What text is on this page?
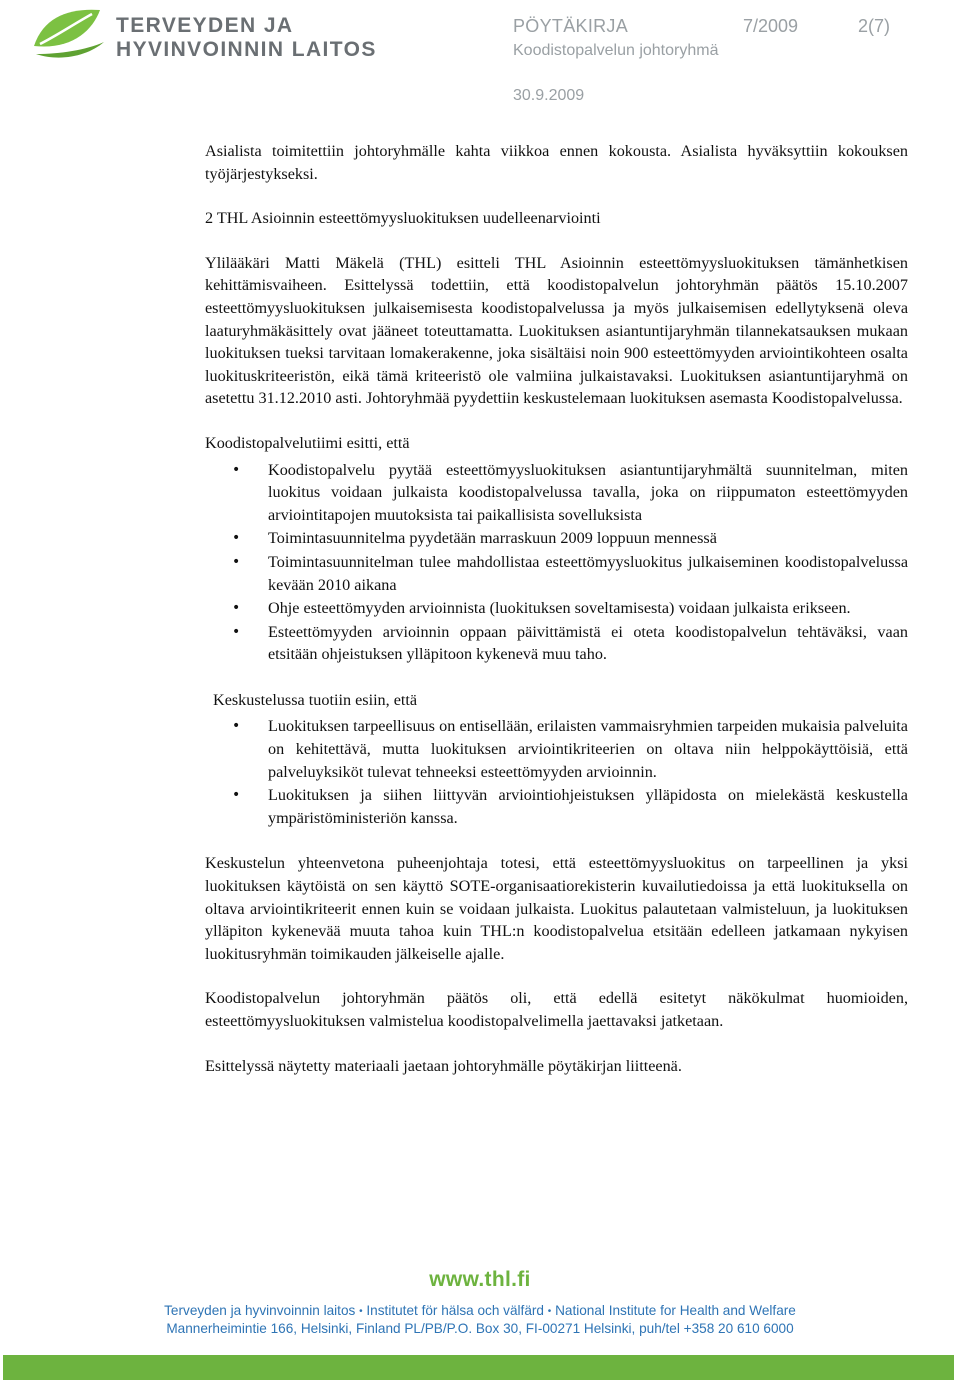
TERVEYDEN JA
HYVINVOINNIN LAITOS
PÖYTÄKIRJA	7/2009	2(7)
Koodistopalvelun johtoryhmä
30.9.2009

Asialista toimitettiin johtoryhmälle kahta viikkoa ennen kokousta. Asialista hyväksyttiin kokouksen työjärjestykseksi.

2 THL Asioinnin esteettömyysluokituksen uudelleenarviointi

Ylilääkäri Matti Mäkelä (THL) esitteli THL Asioinnin esteettömyysluokituksen tämänhetkisen kehittämisvaiheen. Esittelyssä todettiin, että koodistopalvelun johtoryhmän päätös 15.10.2007 esteettömyysluokituksen julkaisemisesta koodistopalvelussa ja myös julkaisemisen edellytyksenä oleva laaturyhmäkäsittely ovat jääneet toteuttamatta. Luokituksen asiantuntijaryhmän tilannekatsauksen mukaan luokituksen tueksi tarvitaan lomakerakenne, joka sisältäisi noin 900 esteettömyyden arviointikohteen osalta luokituskriteeristön, eikä tämä kriteeristö ole valmiina julkaistavaksi. Luokituksen asiantuntijaryhmä on asetettu 31.12.2010 asti. Johtoryhmää pyydettiin keskustelemaan luokituksen asemasta Koodistopalvelussa.

Koodistopalvelutiimi esitti, että

• Koodistopalvelu pyytää esteettömyysluokituksen asiantuntijaryhmältä suunnitelman, miten luokitus voidaan julkaista koodistopalvelussa tavalla, joka on riippumaton esteettömyyden arviointitapojen muutoksista tai paikallisista sovelluksista
• Toimintasuunnitelma pyydetään marraskuun 2009 loppuun mennessä
• Toimintasuunnitelman tulee mahdollistaa esteettömyysluokitus julkaiseminen koodistopalvelussa kevään 2010 aikana
• Ohje esteettömyyden arvioinnista (luokituksen soveltamisesta) voidaan julkaista erikseen.
• Esteettömyyden arvioinnin oppaan päivittämistä ei oteta koodistopalvelun tehtäväksi, vaan etsitään ohjeistuksen ylläpitoon kykenevä muu taho.

Keskustelussa tuotiin esiin, että

• Luokituksen tarpeellisuus on entisellään, erilaisten vammaisryhmien tarpeiden mukaisia palveluita on kehitettävä, mutta luokituksen arviointikriteerien on oltava niin helppokäyttöisiä, että palveluyksiköt tulevat tehneeksi esteettömyyden arvioinnin.
• Luokituksen ja siihen liittyvän arviointiohjeistuksen ylläpidosta on mielekästä keskustella ympäristöministeriön kanssa.

Keskustelun yhteenvetona puheenjohtaja totesi, että esteettömyysluokitus on tarpeellinen ja yksi luokituksen käytöistä on sen käyttö SOTE-organisaatiorekisterin kuvailutiedoissa ja että luokituksella on oltava arviointikriteerit ennen kuin se voidaan julkaista. Luokitus palautetaan valmisteluun, ja luokituksen ylläpiton kykenevää muuta tahoa kuin THL:n koodistopalvelua etsitään edelleen jatkamaan nykyisen luokitusryhmän toimikauden jälkeiselle ajalle.

Koodistopalvelun johtoryhmän päätös oli, että edellä esitetyt näkökulmat huomioiden, esteettömyysluokituksen valmistelua koodistopalvelimella jaettavaksi jatketaan.

Esittelyssä näytetty materiaali jaetaan johtoryhmälle pöytäkirjan liitteenä.

www.thl.fi
Terveyden ja hyvinvoinnin laitos • Institutet för hälsa och välfärd • National Institute for Health and Welfare
Mannerheimintie 166, Helsinki, Finland PL/PB/P.O. Box 30, FI-00271 Helsinki, puh/tel +358 20 610 6000
